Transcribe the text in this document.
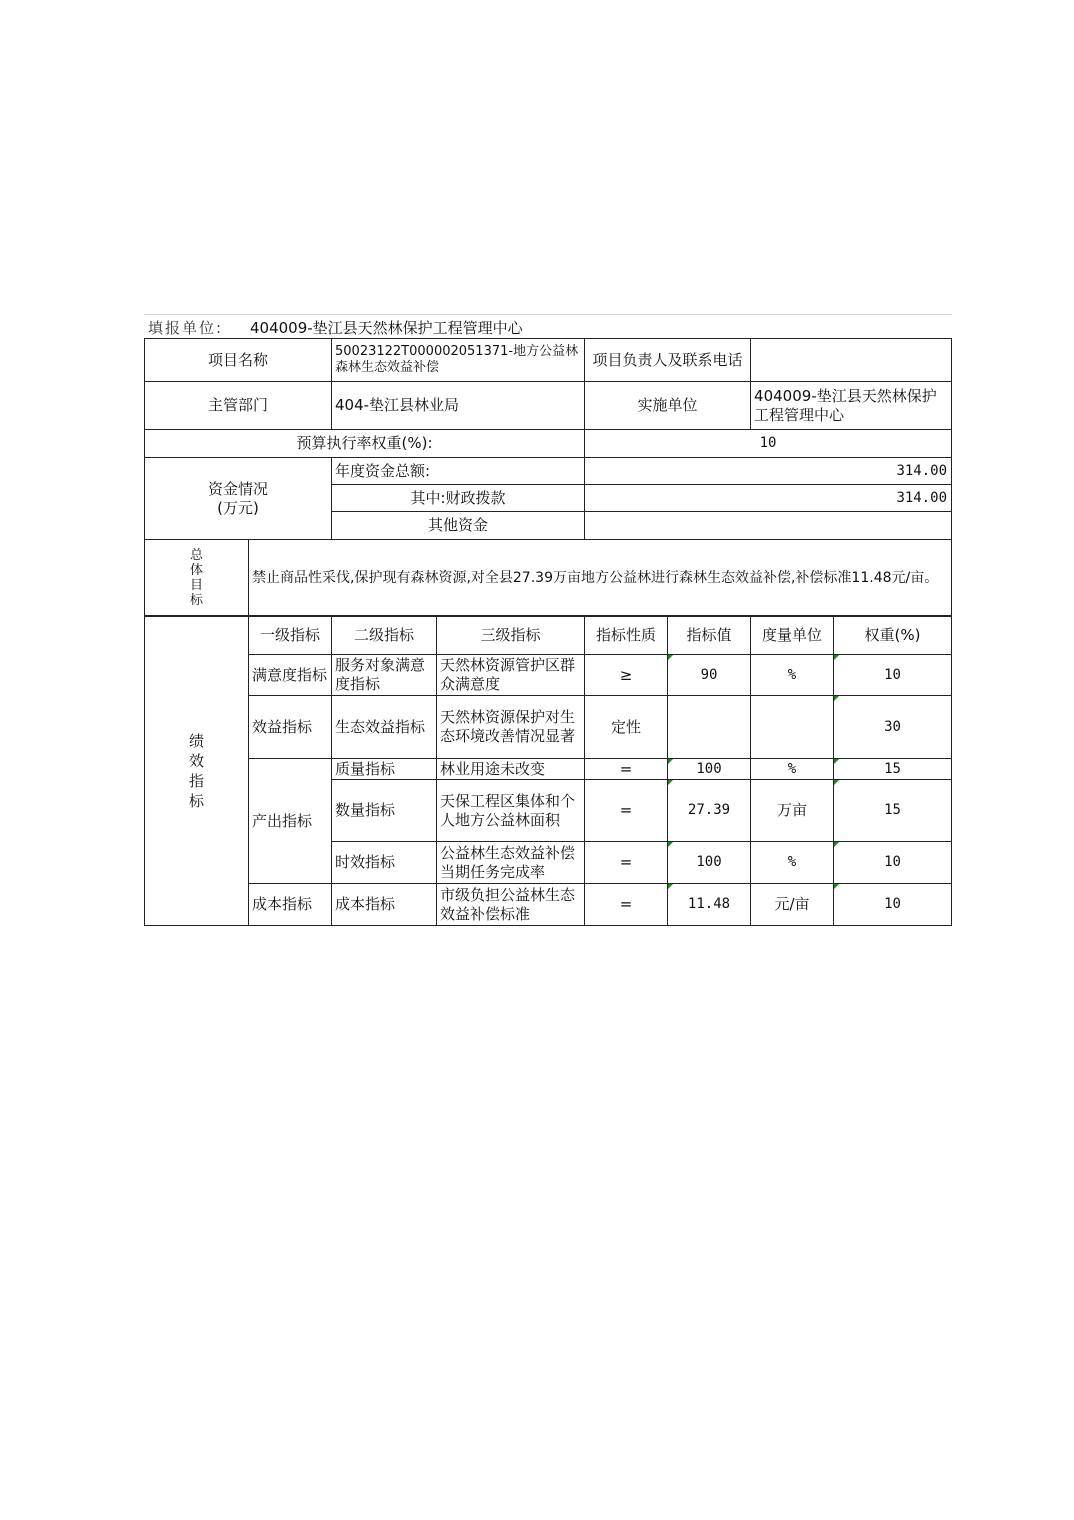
填报单位:	404009-垫江县天然林保护工程管理中心
项目名称		50023122T000002051371-地方公益林森林生态效益补偿	项目负责人及联系电话	
主管部门		404-垫江县林业局	实施单位	404009-垫江县天然林保护工程管理中心
预算执行率权重(%):			10	
资金情况
(万元)		年度资金总额:	314.00	
		其中:财政拨款	314.00	
		其他资金		
总
体
目
标	禁止商品性采伐,保护现有森林资源,对全县27.39万亩地方公益林进行森林生态效益补偿,补偿标准11.48元/亩。			
绩
效
指
标	一级指标	二级指标	三级指标	指标性质	指标值	度量单位	权重(%)
	满意度指标	服务对象满意度指标	天然林资源管护区群众满意度	≥	90	%	10
	效益指标	生态效益指标	天然林资源保护对生态环境改善情况显著	定性			30
	产出指标	质量指标	林业用途未改变	=	100	%	15
		数量指标	天保工程区集体和个人地方公益林面积	=	27.39	万亩	15
		时效指标	公益林生态效益补偿当期任务完成率	=	100	%	10
	成本指标	成本指标	市级负担公益林生态效益补偿标准	=	11.48	元/亩	10
